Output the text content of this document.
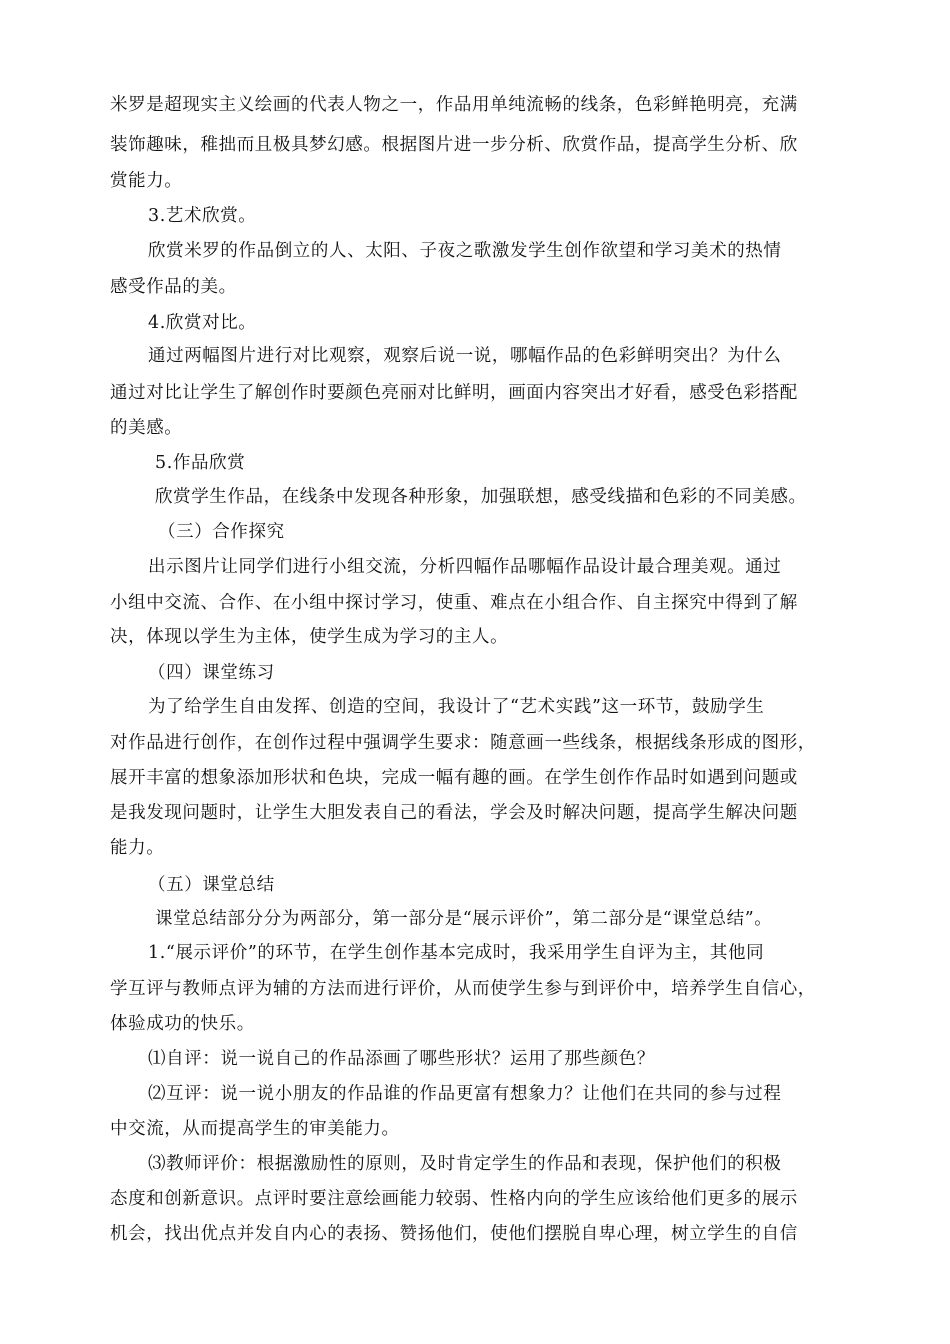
米罗是超现实主义绘画的代表人物之一，作品用单纯流畅的线条，色彩鲜艳明亮，充满
装饰趣味，稚拙而且极具梦幻感。根据图片进一步分析、欣赏作品，提高学生分析、欣
赏能力。
3.艺术欣赏。
欣赏米罗的作品倒立的人、太阳、子夜之歌激发学生创作欲望和学习美术的热情
感受作品的美。
4.欣赏对比。
通过两幅图片进行对比观察，观察后说一说，哪幅作品的色彩鲜明突出？为什么
通过对比让学生了解创作时要颜色亮丽对比鲜明，画面内容突出才好看，感受色彩搭配
的美感。
5.作品欣赏
欣赏学生作品，在线条中发现各种形象，加强联想，感受线描和色彩的不同美感。
（三）合作探究
出示图片让同学们进行小组交流，分析四幅作品哪幅作品设计最合理美观。通过
小组中交流、合作、在小组中探讨学习，使重、难点在小组合作、自主探究中得到了解
决，体现以学生为主体，使学生成为学习的主人。
（四）课堂练习
为了给学生自由发挥、创造的空间，我设计了“艺术实践”这一环节，鼓励学生
对作品进行创作，在创作过程中强调学生要求：随意画一些线条，根据线条形成的图形，
展开丰富的想象添加形状和色块，完成一幅有趣的画。在学生创作作品时如遇到问题或
是我发现问题时，让学生大胆发表自己的看法，学会及时解决问题，提高学生解决问题
能力。
（五）课堂总结
课堂总结部分分为两部分，第一部分是“展示评价”，第二部分是“课堂总结”。
1.“展示评价”的环节，在学生创作基本完成时，我采用学生自评为主，其他同
学互评与教师点评为辅的方法而进行评价，从而使学生参与到评价中，培养学生自信心，
体验成功的快乐。
⑴自评：说一说自己的作品添画了哪些形状？运用了那些颜色？
⑵互评：说一说小朋友的作品谁的作品更富有想象力？让他们在共同的参与过程
中交流，从而提高学生的审美能力。
⑶教师评价：根据激励性的原则，及时肯定学生的作品和表现，保护他们的积极
态度和创新意识。点评时要注意绘画能力较弱、性格内向的学生应该给他们更多的展示
机会，找出优点并发自内心的表扬、赞扬他们，使他们摆脱自卑心理，树立学生的自信
